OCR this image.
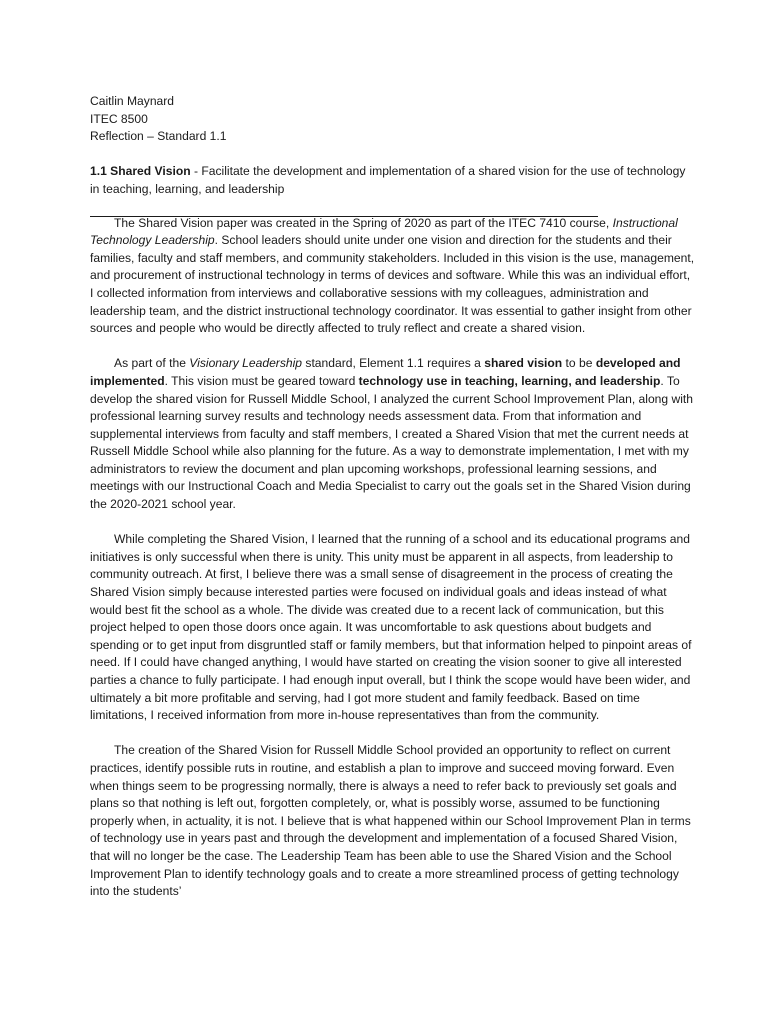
Caitlin Maynard
ITEC 8500
Reflection – Standard 1.1
1.1 Shared Vision - Facilitate the development and implementation of a shared vision for the use of technology in teaching, learning, and leadership

The Shared Vision paper was created in the Spring of 2020 as part of the ITEC 7410 course, Instructional Technology Leadership. School leaders should unite under one vision and direction for the students and their families, faculty and staff members, and community stakeholders. Included in this vision is the use, management, and procurement of instructional technology in terms of devices and software. While this was an individual effort, I collected information from interviews and collaborative sessions with my colleagues, administration and leadership team, and the district instructional technology coordinator. It was essential to gather insight from other sources and people who would be directly affected to truly reflect and create a shared vision.

As part of the Visionary Leadership standard, Element 1.1 requires a shared vision to be developed and implemented. This vision must be geared toward technology use in teaching, learning, and leadership. To develop the shared vision for Russell Middle School, I analyzed the current School Improvement Plan, along with professional learning survey results and technology needs assessment data. From that information and supplemental interviews from faculty and staff members, I created a Shared Vision that met the current needs at Russell Middle School while also planning for the future. As a way to demonstrate implementation, I met with my administrators to review the document and plan upcoming workshops, professional learning sessions, and meetings with our Instructional Coach and Media Specialist to carry out the goals set in the Shared Vision during the 2020-2021 school year.

While completing the Shared Vision, I learned that the running of a school and its educational programs and initiatives is only successful when there is unity. This unity must be apparent in all aspects, from leadership to community outreach. At first, I believe there was a small sense of disagreement in the process of creating the Shared Vision simply because interested parties were focused on individual goals and ideas instead of what would best fit the school as a whole. The divide was created due to a recent lack of communication, but this project helped to open those doors once again. It was uncomfortable to ask questions about budgets and spending or to get input from disgruntled staff or family members, but that information helped to pinpoint areas of need. If I could have changed anything, I would have started on creating the vision sooner to give all interested parties a chance to fully participate. I had enough input overall, but I think the scope would have been wider, and ultimately a bit more profitable and serving, had I got more student and family feedback. Based on time limitations, I received information from more in-house representatives than from the community.

The creation of the Shared Vision for Russell Middle School provided an opportunity to reflect on current practices, identify possible ruts in routine, and establish a plan to improve and succeed moving forward. Even when things seem to be progressing normally, there is always a need to refer back to previously set goals and plans so that nothing is left out, forgotten completely, or, what is possibly worse, assumed to be functioning properly when, in actuality, it is not. I believe that is what happened within our School Improvement Plan in terms of technology use in years past and through the development and implementation of a focused Shared Vision, that will no longer be the case. The Leadership Team has been able to use the Shared Vision and the School Improvement Plan to identify technology goals and to create a more streamlined process of getting technology into the students’
